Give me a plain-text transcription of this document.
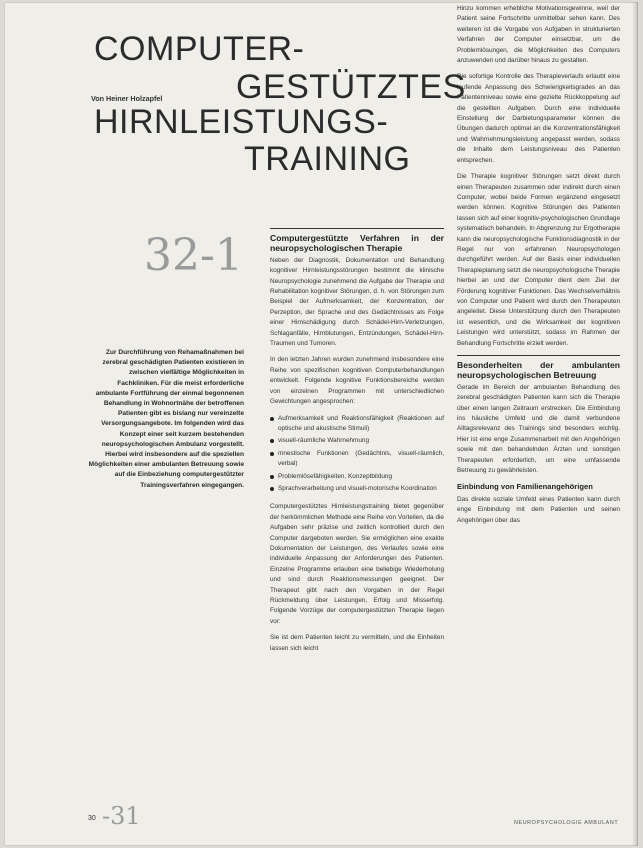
COMPUTER-
Von Heiner Holzapfel GESTÜTZTES
HIRNLEISTUNGS-
TRAINING
32-1
Zur Durchführung von Rehamaßnahmen bei zerebral geschädigten Patienten existieren in zwischen vielfältige Möglichkeiten in Fachkliniken. Für die meist erforderliche ambulante Fortführung der einmal begonnenen Behandlung in Wohnortnähe der betroffenen Patienten gibt es bislang nur vereinzelte Versorgungsangebote. Im folgenden wird das Konzept einer seit kurzem bestehenden neuropsychologischen Ambulanz vorgestellt. Hierbei wird insbesondere auf die speziellen Möglichkeiten einer ambulanten Betreuung sowie auf die Einbeziehung computergestützter Trainingsverfahren eingegangen.
Computergestützte Verfahren in der neuropsychologischen Therapie

Neben der Diagnostik, Dokumentation und Behandlung kognitiver Hirnleistungsstörungen bestimmt die klinische Neuropsychologie zunehmend die Aufgabe der Therapie und Rehabilitation kognitiver Störungen, d. h. von Störungen zum Beispiel der Aufmerksamkeit, der Konzentration, der Perzeption, der Sprache und des Gedächtnisses als Folge einer Hirnschädigung durch Schädel-Hirn-Verletzungen, Schlaganfälle, Hirnblutungen, Entzündungen, Schädel-Hirn-Traumen und Tumoren.

In den letzten Jahren wurden zunehmend insbesondere eine Reihe von spezifischen kognitiven Computerbehandlungen entwickelt. Folgende kognitive Funktionsbereiche werden von einzelnen Programmen mit unterschiedlichen Gewichtungen angesprochen:

Aufmerksamkeit und Reaktionsfähigkeit (Reaktionen auf optische und akustische Stimuli)
visuell-räumliche Wahrnehmung
mnestische Funktionen (Gedächtnis, visuell-räumlich, verbal)
Problemlösefähigkeiten, Konzeptbildung
Sprachverarbeitung und visuell-motorische Koordination

Computergestütztes Hirnleistungstraining bietet gegenüber der herkömmlichen Methode eine Reihe von Vorteilen, da die Aufgaben sehr präzise und zeitlich kontrolliert durch den Computer dargeboten werden. Sie ermöglichen eine exakte Dokumentation der Leistungen, des Verlaufes sowie eine individuelle Anpassung der Anforderungen des Patienten. Einzelne Programme erlauben eine beliebige Wiederholung und sind durch Reaktionsmessungen geeignet. Der Therapeut gibt nach den Vorgaben in der Regel Rückmeldung über Leistungen, Erfolg und Misserfolg. Folgende Vorzüge der computergestützten Therapie liegen vor:

Sie ist dem Patienten leicht zu vermitteln, und die Einheiten lassen sich leicht

Hinzu kommen erhebliche Motivationsgewinne, weil der Patient seine Fortschritte unmittelbar sehen kann. Des weiteren ist die Vorgabe von Aufgaben in strukturierten Verfahren der Computer einsetzbar, um die Problemlösungen, die Möglichkeiten des Computers anzuwenden und darüber hinaus zu gestalten.

Die sofortige Kontrolle des Therapieverlaufs erlaubt eine laufende Anpassung des Schwierigkeitsgrades an das Patientenniveau sowie eine gezielte Rückkoppelung auf die gestellten Aufgaben. Durch eine individuelle Einstellung der Darbietungsparameter können die Übungen dadurch optimal an die Konzentrationsfähigkeit und Wahrnehmungsleistung angepasst werden, sodass die Inhalte dem Leistungsniveau des Patienten entsprechen.

Die Therapie kognitiver Störungen setzt direkt durch einen Therapeuten zusammen oder indirekt durch einen Computer, wobei beide Formen ergänzend eingesetzt werden können. Kognitive Störungen des Patienten lassen sich auf einer kognitiv-psychologischen Grundlage systematisch behandeln. In Abgrenzung zur Ergotherapie kann die neuropsychologische Funktionsdiagnostik in der Regel nur von erfahrenen Neuropsychologen durchgeführt werden. Auf der Basis einer individuellen Therapieplanung setzt die neuropsychologische Therapie hierbei an und der Computer dient dem Ziel der Förderung kognitiver Funktionen. Das Wechselverhältnis von Computer und Patient wird durch den Therapeuten angeleitet. Diese Unterstützung durch den Therapeuten ist wesentlich, und die Wirksamkeit der kognitiven Leistungen wird unterstützt, sodass im Rahmen der Behandlung Fortschritte erzielt werden.

Besonderheiten der ambulanten neuropsychologischen Betreuung

Gerade im Bereich der ambulanten Behandlung des zerebral geschädigten Patienten kann sich die Therapie über einen langen Zeitraum erstrecken. Die Einbindung ins häusliche Umfeld und die damit verbundene Alltagsrelevanz des Trainings sind besonders wichtig. Hier ist eine enge Zusammenarbeit mit den Angehörigen sowie mit den behandelnden Ärzten und sonstigen Therapeuten erforderlich, um eine umfassende Betreuung zu gewährleisten.

Einbindung von Familienangehörigen

Das direkte soziale Umfeld eines Patienten kann durch enge Einbindung mit dem Patienten und seinen Angehörigen über das

30 -31	NEUROPSYCHOLOGIE AMBULANT
